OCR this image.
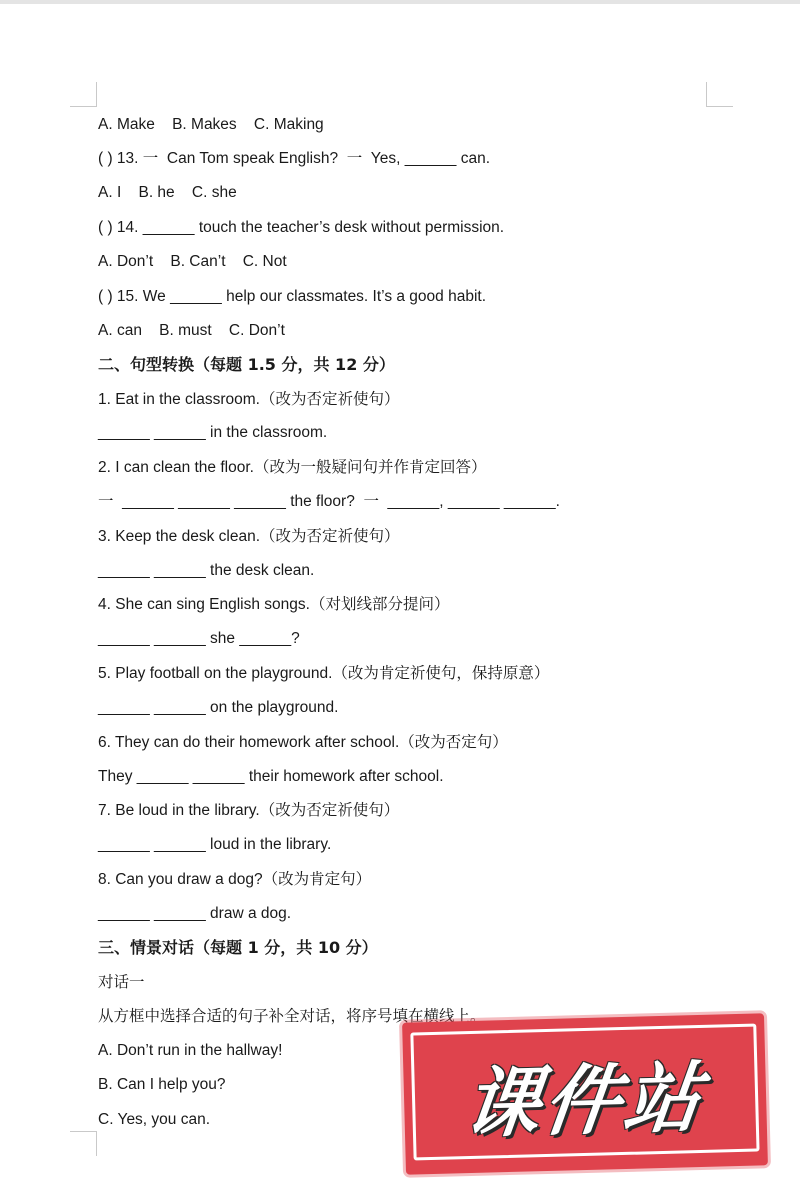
A. Make    B. Makes    C. Making
( ) 13. 一  Can Tom speak English?  一  Yes, ______ can.
A. I    B. he    C. she
( ) 14. ______ touch the teacher’s desk without permission.
A. Don’t    B. Can’t    C. Not
( ) 15. We ______ help our classmates. It’s a good habit.
A. can    B. must    C. Don’t
二、句型转换（每题 1.5 分，共 12 分）
1. Eat in the classroom.（改为否定祈使句）
______ ______ in the classroom.
2. I can clean the floor.（改为一般疑问句并作肯定回答）
一  ______ ______ ______ the floor?  一  ______, ______ ______.
3. Keep the desk clean.（改为否定祈使句）
______ ______ the desk clean.
4. She can sing English songs.（对划线部分提问）
______ ______ she ______?
5. Play football on the playground.（改为肯定祈使句，保持原意）
______ ______ on the playground.
6. They can do their homework after school.（改为否定句）
They ______ ______ their homework after school.
7. Be loud in the library.（改为否定祈使句）
______ ______ loud in the library.
8. Can you draw a dog?（改为肯定句）
______ ______ draw a dog.
三、情景对话（每题 1 分，共 10 分）
对话一
从方框中选择合适的句子补全对话，将序号填在横线上。
A. Don’t run in the hallway!
B. Can I help you?
C. Yes, you can.	课件站
